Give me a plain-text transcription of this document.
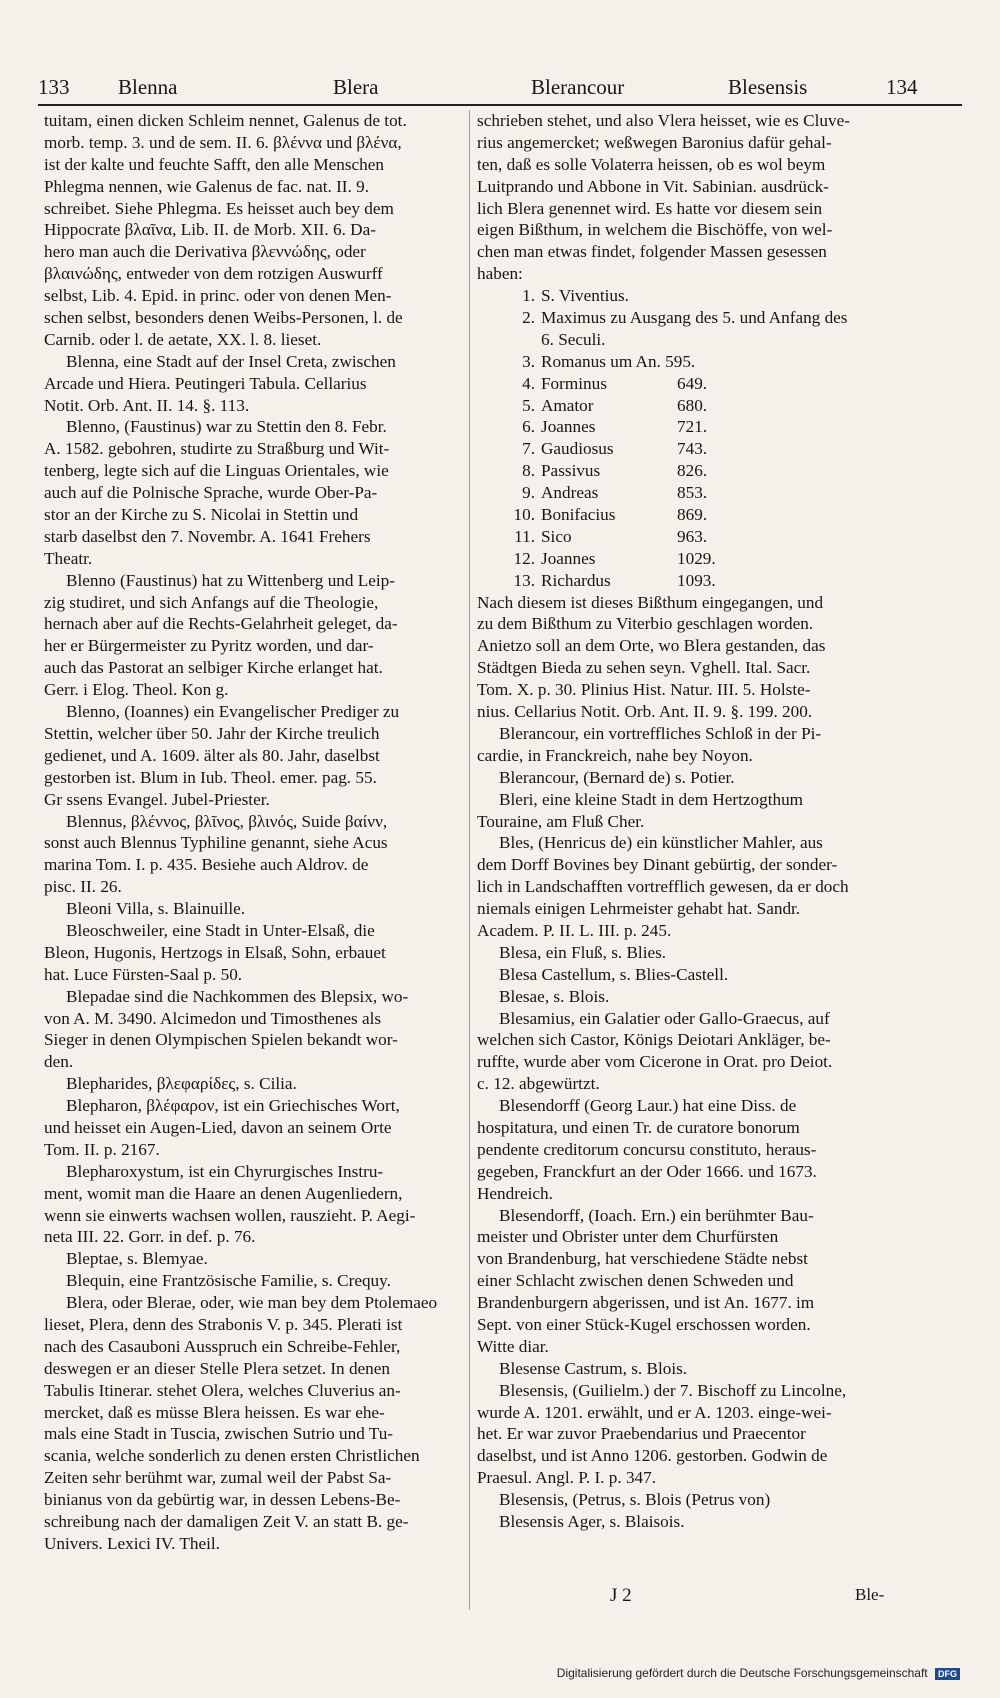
133 Blenna	Blera	Blerancour	Blesensis	134
tuitam, einen dicken Schleim nennet, Galenus de tot.
morb. temp. 3. und de sem. II. 6. βλέννα und βλένα,
ist der kalte und feuchte Safft, den alle Menschen
Phlegma nennen, wie Galenus de fac. nat. II. 9.
schreibet. Siehe Phlegma. Es heisset auch bey dem
Hippocrate βλαῖνα, Lib. II. de Morb. XII. 6. Da-
hero man auch die Derivativa βλεννώδης, oder
βλαινώδης, entweder von dem rotzigen Auswurff
selbst, Lib. 4. Epid. in princ. oder von denen Men-
schen selbst, besonders denen Weibs-Personen, l. de
Carnib. oder l. de aetate, XX. l. 8. lieset.
Blenna, eine Stadt auf der Insel Creta, zwischen
Arcade und Hiera. Peutingeri Tabula. Cellarius
Notit. Orb. Ant. II. 14. §. 113.
Blenno, (Faustinus) war zu Stettin den 8. Febr.
A. 1582. gebohren, studirte zu Straßburg und Wit-
tenberg, legte sich auf die Linguas Orientales, wie
auch auf die Polnische Sprache, wurde Ober-Pa-
stor an der Kirche zu S. Nicolai in Stettin und
starb daselbst den 7. Novembr. A. 1641 Frehers
Theatr.
Blenno (Faustinus) hat zu Wittenberg und Leip-
zig studiret, und sich Anfangs auf die Theologie,
hernach aber auf die Rechts-Gelahrheit geleget, da-
her er Bürgermeister zu Pyritz worden, und dar-
auch das Pastorat an selbiger Kirche erlanget hat.
Gerr. i Elog. Theol. Kon g.
Blenno, (Ioannes) ein Evangelischer Prediger zu
Stettin, welcher über 50. Jahr der Kirche treulich
gedienet, und A. 1609. älter als 80. Jahr, daselbst
gestorben ist. Blum in Iub. Theol. emer. pag. 55.
Gr ssens Evangel. Jubel-Priester.
Blennus, βλέννος, βλῖνος, βλινός, Suide βαίνν,
sonst auch Blennus Typhiline genannt, siehe Acus
marina Tom. I. p. 435. Besiehe auch Aldrov. de
pisc. II. 26.
Bleoni Villa, s. Blainuille.
Bleoschweiler, eine Stadt in Unter-Elsaß, die
Bleon, Hugonis, Hertzogs in Elsaß, Sohn, erbauet
hat. Luce Fürsten-Saal p. 50.
Blepadae sind die Nachkommen des Blepsix, wo-
von A. M. 3490. Alcimedon und Timosthenes als
Sieger in denen Olympischen Spielen bekandt wor-
den.
Blepharides, βλεφαρίδες, s. Cilia.
Blepharon, βλέφαρον, ist ein Griechisches Wort,
und heisset ein Augen-Lied, davon an seinem Orte
Tom. II. p. 2167.
Blepharoxystum, ist ein Chyrurgisches Instru-
ment, womit man die Haare an denen Augenliedern,
wenn sie einwerts wachsen wollen, rauszieht. P. Aegi-
neta III. 22. Gorr. in def. p. 76.
Bleptae, s. Blemyae.
Blequin, eine Frantzösische Familie, s. Crequy.
Blera, oder Blerae, oder, wie man bey dem Ptolemaeo
lieset, Plera, denn des Strabonis V. p. 345. Plerati ist
nach des Casauboni Ausspruch ein Schreibe-Fehler,
deswegen er an dieser Stelle Plera setzet. In denen
Tabulis Itinerar. stehet Olera, welches Cluverius an-
mercket, daß es müsse Blera heissen. Es war ehe-
mals eine Stadt in Tuscia, zwischen Sutrio und Tu-
scania, welche sonderlich zu denen ersten Christlichen
Zeiten sehr berühmt war, zumal weil der Pabst Sa-
binianus von da gebürtig war, in dessen Lebens-Be-
schreibung nach der damaligen Zeit V. an statt B. ge-
Univers. Lexici IV. Theil.
schrieben stehet, und also Vlera heisset, wie es Cluve-
rius angemercket; weßwegen Baronius dafür gehal-
ten, daß es solle Volaterra heissen, ob es wol beym
Luitprando und Abbone in Vit. Sabinian. ausdrück-
lich Blera genennet wird. Es hatte vor diesem sein
eigen Bißthum, in welchem die Bischöffe, von wel-
chen man etwas findet, folgender Massen gesessen
haben:
1. S. Viventius.
2. Maximus zu Ausgang des 5. und Anfang des
6. Seculi.
3. Romanus um An. 595.
4. Forminus	649.
5. Amator	680.
6. Joannes	721.
7. Gaudiosus	743.
8. Passivus	826.
9. Andreas	853.
10. Bonifacius	869.
11. Sico	963.
12. Joannes	1029.
13. Richardus	1093.
Nach diesem ist dieses Bißthum eingegangen, und
zu dem Bißthum zu Viterbio geschlagen worden.
Anietzo soll an dem Orte, wo Blera gestanden, das
Städtgen Bieda zu sehen seyn. Vghell. Ital. Sacr.
Tom. X. p. 30. Plinius Hist. Natur. III. 5. Holste-
nius. Cellarius Notit. Orb. Ant. II. 9. §. 199. 200.
Blerancour, ein vortreffliches Schloß in der Pi-
cardie, in Franckreich, nahe bey Noyon.
Blerancour, (Bernard de) s. Potier.
Bleri, eine kleine Stadt in dem Hertzogthum
Touraine, am Fluß Cher.
Bles, (Henricus de) ein künstlicher Mahler, aus
dem Dorff Bovines bey Dinant gebürtig, der sonder-
lich in Landschafften vortrefflich gewesen, da er doch
niemals einigen Lehrmeister gehabt hat. Sandr.
Academ. P. II. L. III. p. 245.
Blesa, ein Fluß, s. Blies.
Blesa Castellum, s. Blies-Castell.
Blesae, s. Blois.
Blesamius, ein Galatier oder Gallo-Graecus, auf
welchen sich Castor, Königs Deiotari Ankläger, be-
ruffte, wurde aber vom Cicerone in Orat. pro Deiot.
c. 12. abgewürtzt.
Blesendorff (Georg Laur.) hat eine Diss. de
hospitatura, und einen Tr. de curatore bonorum
pendente creditorum concursu constituto, heraus-
gegeben, Franckfurt an der Oder 1666. und 1673.
Hendreich.
Blesendorff, (Ioach. Ern.) ein berühmter Bau-
meister und Obrister unter dem Churfürsten
von Brandenburg, hat verschiedene Städte nebst
einer Schlacht zwischen denen Schweden und
Brandenburgern abgerissen, und ist An. 1677. im
Sept. von einer Stück-Kugel erschossen worden.
Witte diar.
Blesense Castrum, s. Blois.
Blesensis, (Guilielm.) der 7. Bischoff zu Lincolne,
wurde A. 1201. erwählt, und er A. 1203. einge-wei-
het. Er war zuvor Praebendarius und Praecentor
daselbst, und ist Anno 1206. gestorben. Godwin de
Praesul. Angl. P. I. p. 347.
Blesensis, (Petrus, s. Blois (Petrus von)
Blesensis Ager, s. Blaisois.
J 2	Ble-
Digitalisierung gefördert durch die Deutsche Forschungsgemeinschaft DFG
